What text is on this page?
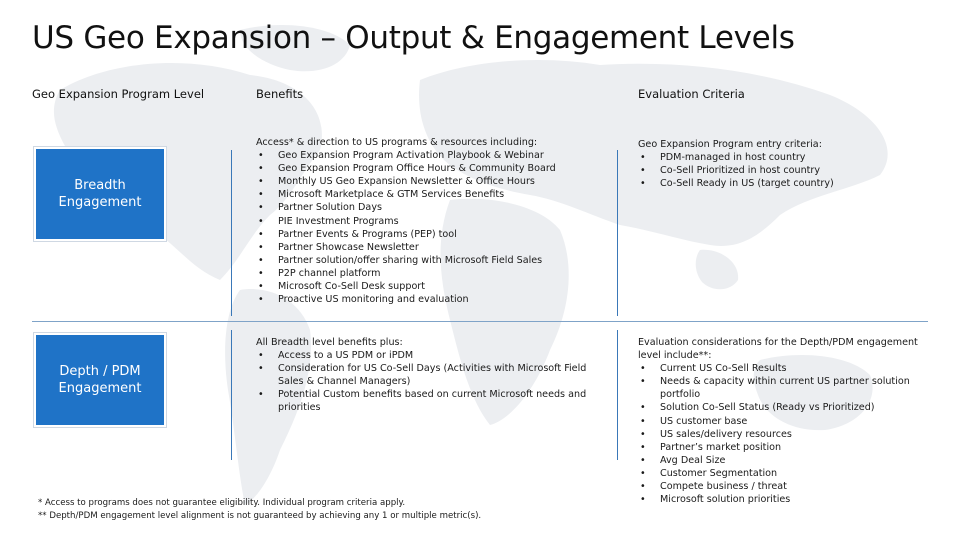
US Geo Expansion – Output & Engagement Levels
Geo Expansion Program Level	Benefits	Evaluation Criteria
Breadth
Engagement
Depth / PDM
Engagement
Access* & direction to US programs & resources including:
• Geo Expansion Program Activation Playbook & Webinar
• Geo Expansion Program Office Hours & Community Board
• Monthly US Geo Expansion Newsletter & Office Hours
• Microsoft Marketplace & GTM Services Benefits
• Partner Solution Days
• PIE Investment Programs
• Partner Events & Programs (PEP) tool
• Partner Showcase Newsletter
• Partner solution/offer sharing with Microsoft Field Sales
• P2P channel platform
• Microsoft Co-Sell Desk support
• Proactive US monitoring and evaluation
Geo Expansion Program entry criteria:
• PDM-managed in host country
• Co-Sell Prioritized in host country
• Co-Sell Ready in US (target country)
All Breadth level benefits plus:
• Access to a US PDM or iPDM
• Consideration for US Co-Sell Days (Activities with Microsoft Field Sales & Channel Managers)
• Potential Custom benefits based on current Microsoft needs and priorities
Evaluation considerations for the Depth/PDM engagement level include**:
• Current US Co-Sell Results
• Needs & capacity within current US partner solution portfolio
• Solution Co-Sell Status (Ready vs Prioritized)
• US customer base
• US sales/delivery resources
• Partner’s market position
• Avg Deal Size
• Customer Segmentation
• Compete business / threat
• Microsoft solution priorities
* Access to programs does not guarantee eligibility. Individual program criteria apply.
** Depth/PDM engagement level alignment is not guaranteed by achieving any 1 or multiple metric(s).
